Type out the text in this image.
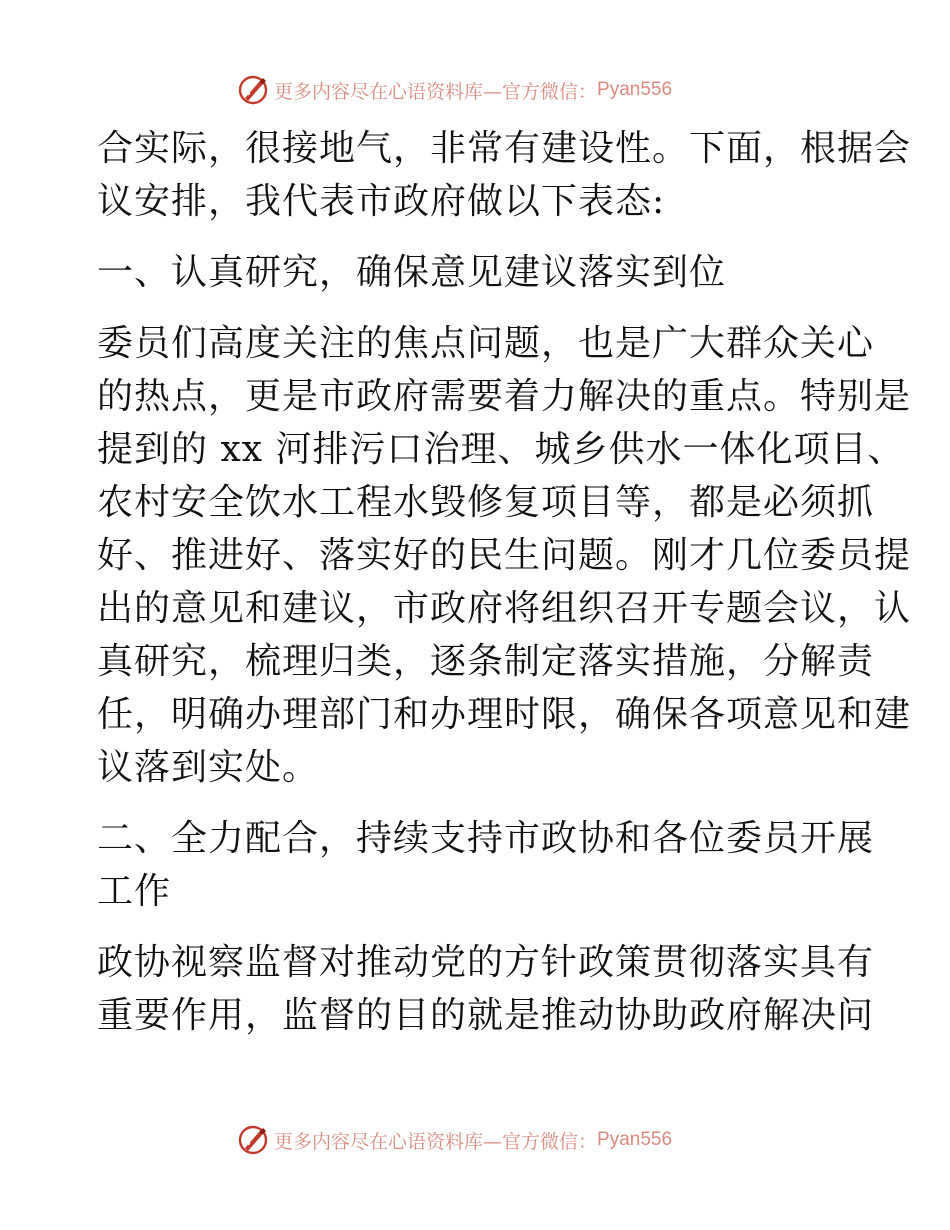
更多内容尽在心语资料库—官方微信： Pyan556
合实际，很接地气，非常有建设性。下面，根据会
议安排，我代表市政府做以下表态:
一、认真研究，确保意见建议落实到位
委员们高度关注的焦点问题，也是广大群众关心
的热点，更是市政府需要着力解决的重点。特别是
提到的 xx 河排污口治理、城乡供水一体化项目、
农村安全饮水工程水毁修复项目等，都是必须抓
好、推进好、落实好的民生问题。刚才几位委员提
出的意见和建议，市政府将组织召开专题会议，认
真研究，梳理归类，逐条制定落实措施，分解责
任，明确办理部门和办理时限，确保各项意见和建
议落到实处。
二、全力配合，持续支持市政协和各位委员开展
工作
政协视察监督对推动党的方针政策贯彻落实具有
重要作用，监督的目的就是推动协助政府解决问
更多内容尽在心语资料库—官方微信： Pyan556
